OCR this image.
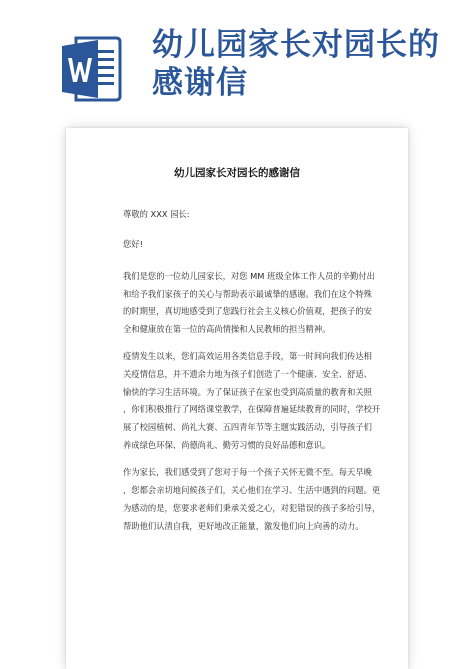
幼儿园家长对园长的感谢信
幼儿园家长对园长的感谢信
尊敬的 XXX 园长:
您好!
我们是您的一位幼儿园家长，对您 MM 班级全体工作人员的辛勤付出
和给予我们家孩子的关心与帮助表示最诚挚的感谢。我们在这个特殊
的时期里，真切地感受到了您践行社会主义核心价值观，把孩子的安
全和健康放在第一位的高尚情操和人民教师的担当精神。
疫情发生以来，您们高效运用各类信息手段，第一时间向我们传达相
关疫情信息，并不遗余力地为孩子们创造了一个健康、安全、舒适、
愉快的学习生活环境。为了保证孩子在家也受到高质量的教育和关照
，你们积极推行了网络课堂教学，在保障普遍延续教育的同时，学校开
展了校园植树、尚礼大赛、五四青年节等主题实践活动，引导孩子们
养成绿色环保、尚德尚礼、勤劳习惯的良好品德和意识。
作为家长，我们感受到了您对于每一个孩子关怀无微不至。每天早晚
，您都会亲切地问候孩子们，关心他们在学习、生活中遇到的问题。更
为感动的是，您要求老师们秉承关爱之心，对犯错误的孩子多给引导，
帮助他们认清自我，更好地改正能量，激发他们向上向善的动力。
